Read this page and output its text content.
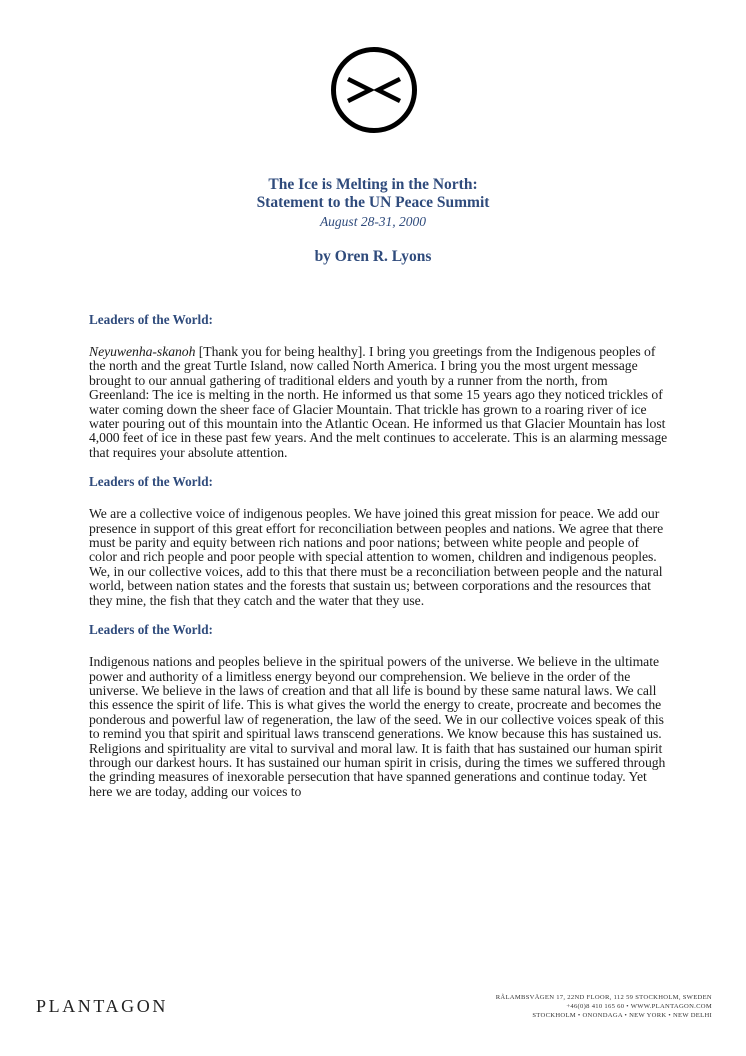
The Ice is Melting in the North:
Statement to the UN Peace Summit
August 28-31, 2000
by Oren R. Lyons
Leaders of the World:

Neyuwenha-skanoh [Thank you for being healthy]. I bring you greetings from the Indigenous peoples of the north and the great Turtle Island, now called North America. I bring you the most urgent message brought to our annual gathering of traditional elders and youth by a runner from the north, from Greenland: The ice is melting in the north. He informed us that some 15 years ago they noticed trickles of water coming down the sheer face of Glacier Mountain. That trickle has grown to a roaring river of ice water pouring out of this mountain into the Atlantic Ocean. He informed us that Glacier Mountain has lost 4,000 feet of ice in these past few years. And the melt continues to accelerate. This is an alarming message that requires your absolute attention.

Leaders of the World:

We are a collective voice of indigenous peoples. We have joined this great mission for peace. We add our presence in support of this great effort for reconciliation between peoples and nations. We agree that there must be parity and equity between rich nations and poor nations; between white people and people of color and rich people and poor people with special attention to women, children and indigenous peoples. We, in our collective voices, add to this that there must be a reconciliation between people and the natural world, between nation states and the forests that sustain us; between corporations and the resources that they mine, the fish that they catch and the water that they use.

Leaders of the World:

Indigenous nations and peoples believe in the spiritual powers of the universe. We believe in the ultimate power and authority of a limitless energy beyond our comprehension. We believe in the order of the universe. We believe in the laws of creation and that all life is bound by these same natural laws. We call this essence the spirit of life. This is what gives the world the energy to create, procreate and becomes the ponderous and powerful law of regeneration, the law of the seed. We in our collective voices speak of this to remind you that spirit and spiritual laws transcend generations. We know because this has sustained us. Religions and spirituality are vital to survival and moral law. It is faith that has sustained our human spirit through our darkest hours. It has sustained our human spirit in crisis, during the times we suffered through the grinding measures of inexorable persecution that have spanned generations and continue today. Yet here we are today, adding our voices to

PLANTAGON	RÅLAMBSVÄGEN 17, 22ND FLOOR, 112 59 STOCKHOLM, SWEDEN
+46(0)8 410 165 60 • WWW.PLANTAGON.COM
STOCKHOLM • ONONDAGA • NEW YORK • NEW DELHI
